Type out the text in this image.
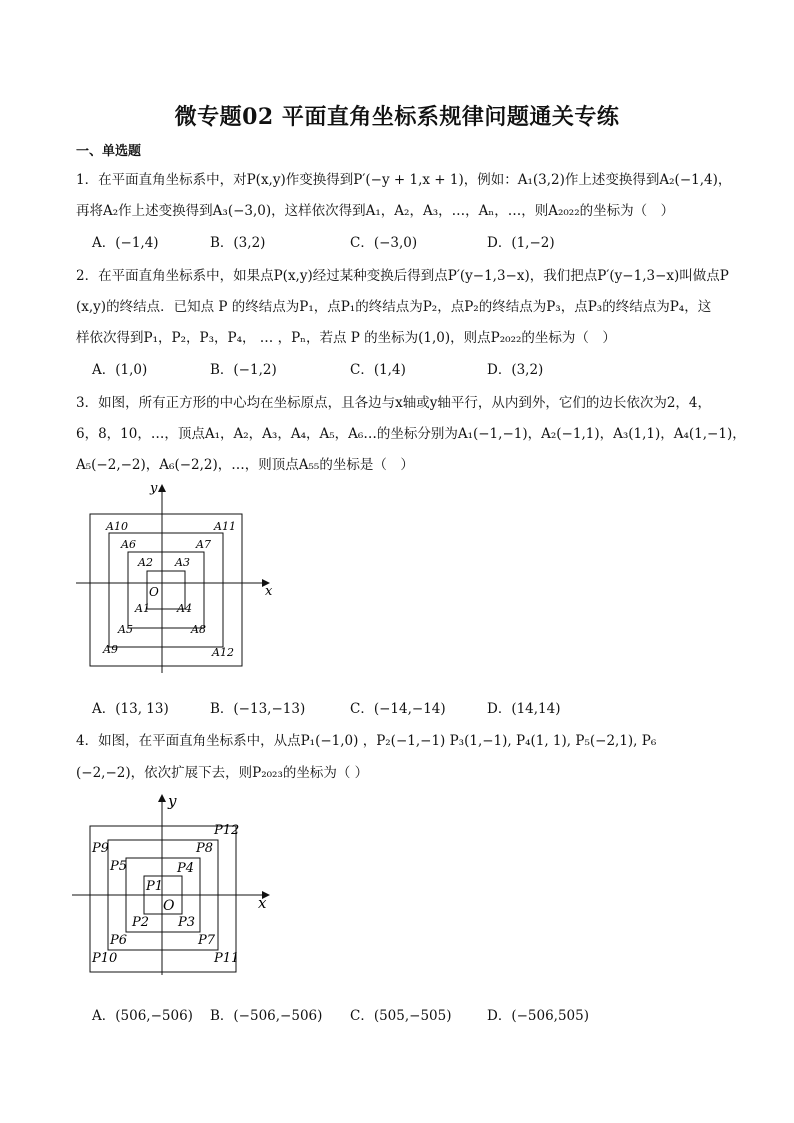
微专题02 平面直角坐标系规律问题通关专练
一、单选题
1．在平面直角坐标系中，对P(x,y)作变换得到P′(−y + 1,x + 1)，例如：A₁(3,2)作上述变换得到A₂(−1,4)，
再将A₂作上述变换得到A₃(−3,0)，这样依次得到A₁，A₂，A₃，…，Aₙ，…，则A₂₀₂₂的坐标为（　）
A．(−1,4)	B．(3,2)	C．(−3,0)	D．(1,−2)
2．在平面直角坐标系中，如果点P(x,y)经过某种变换后得到点P′(y−1,3−x)，我们把点P′(y−1,3−x)叫做点P
(x,y)的终结点．已知点 P 的终结点为P₁，点P₁的终结点为P₂，点P₂的终结点为P₃，点P₃的终结点为P₄，这
样依次得到P₁，P₂，P₃，P₄， … ，Pₙ，若点 P 的坐标为(1,0)，则点P₂₀₂₂的坐标为（　）
A．(1,0)	B．(−1,2)	C．(1,4)	D．(3,2)
3．如图，所有正方形的中心均在坐标原点，且各边与x轴或y轴平行，从内到外，它们的边长依次为2，4，
6，8，10，…，顶点A₁，A₂，A₃，A₄，A₅，A₆…的坐标分别为A₁(−1,−1)，A₂(−1,1)，A₃(1,1)，A₄(1,−1)，
A₅(−2,−2)，A₆(−2,2)，…，则顶点A₅₅的坐标是（　）
x
y
O
A10	A11
A6	A7
A2 A3
A1 A4
A5	A8
A9	A12
A．(13, 13)	B．(−13,−13)	C．(−14,−14)	D．(14,14)
4．如图，在平面直角坐标系中，从点P₁(−1,0) ，P₂(−1,−1) P₃(1,−1), P₄(1, 1), P₅(−2,1), P₆
(−2,−2)，依次扩展下去，则P₂₀₂₃的坐标为（ ）
x
y
O
P12
P9	P8
P5	P4
P1
P2 P3
P6	P7
P10	P11
A．(506,−506) B．(−506,−506) C．(505,−505)	D．(−506,505)
